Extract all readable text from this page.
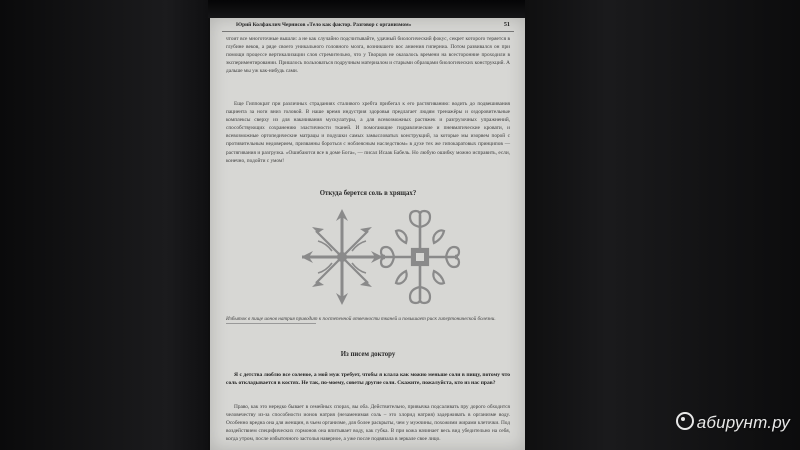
Юрий Колфаклич Чернисов «Тело как фактор. Разговор с организмом»	51

чтоит все многоточные вышли: а не как случайно подсчитывайте, удачный биологический фокус, секрет которого теряется в глубине веков, а ряде своего уникального головного мозга, возникшего вос аниения гиперниа. Потом развивался он при помощи процессе вертикализации слоя стремительно, что у Творцов не оказалось времени на всесторонние проходили в экспериментировании. Пришлось пользоваться подручным материалом и старыми образцами биологических конструкций. А дальше мы уж как-нибудь сами.

Еще Гиппократ при различных страданиях сталивого хребта прибегал к его растягиванию: водить до подвешивания пациента за ноги вниз головой. В наше время индустрия здоровья предлагает людям тренажёры и оздоровительные комплексы сверху из для накачивания мускулатуры, а для всевозможных растяжек и разгрузочных упражнений, способствующих сохранению эластичности тканей. И помогающие гидравлические и пневматические кровати, и всевозможные ортопедические матрацы и подушки самых замысловатых конструкций, за которые мы изорвем порой с противительным недоверием, призванны бороться с ноблеясным наследством» в духе тех же гипокаратовых принципов — растягивания и разгрузка. «Ошибаются все в доме Бога», — писал Исаак Бабель. Но любую ошибку можно исправить, если, конечно, подойти с умом!

Откуда берется соль в хрящах?

Избыток в пище ионов натрия приводит к постепенной отвечности тканей и повышает риск гипертонической болезни.

Из писем доктору

Я с детства люблю все соленое, а мой муж требует, чтобы я клала как можно меньше соли в пищу, потому что соль откладывается в костях. Не так, по-моему, советы другие соли. Скажите, пожалуйста, кто из нас прав?

Право, как это нередко бывает в семейных спорах, вы оба. Действительно, привычка подсаливать пру дорого обходится человечеству из-за способности ионов натрия (незаменимая соль – это хлорид натрия) задерживать в организме воду. Особенно вредна она для женщин, в чьем организме, для более раскрыты, чем у мужчины, похожими жирами клеточки. Под воздействием специфических гормонов она впитывает воду, как губка. В при кожа начинает весь вид убедительно на себя, когда утром, после избыточного застолья наверное, а уже после подвязала в зеркале свое лицо.

абирунт.ру
